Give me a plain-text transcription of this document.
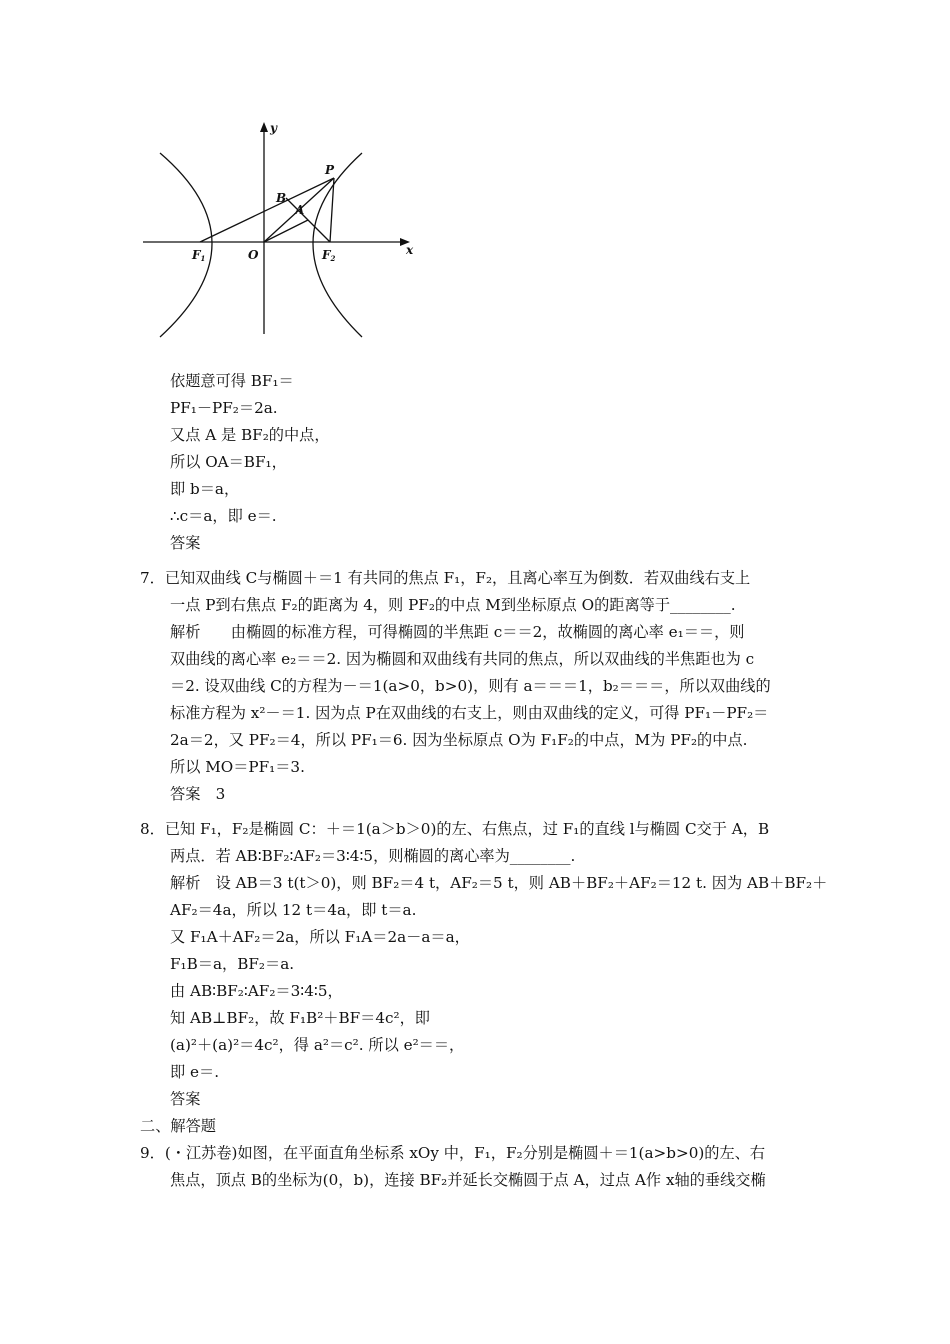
y
x
P
B
A
F1	O	F2
依题意可得 BF₁＝
PF₁－PF₂＝2a.
又点 A 是 BF₂的中点，
所以 OA＝BF₁，
即 b＝a，
∴c＝a，即 e＝.
答案
7．已知双曲线 C与椭圆＋＝1 有共同的焦点 F₁，F₂，且离心率互为倒数．若双曲线右支上
一点 P到右焦点 F₂的距离为 4，则 PF₂的中点 M到坐标原点 O的距离等于________.
解析　　由椭圆的标准方程，可得椭圆的半焦距 c＝＝2，故椭圆的离心率 e₁＝＝，则
双曲线的离心率 e₂＝＝2. 因为椭圆和双曲线有共同的焦点，所以双曲线的半焦距也为 c
＝2. 设双曲线 C的方程为－＝1(a>0，b>0)，则有 a＝＝＝1，b₂＝＝＝，所以双曲线的
标准方程为 x²－＝1. 因为点 P在双曲线的右支上，则由双曲线的定义，可得 PF₁－PF₂＝
2a＝2，又 PF₂＝4，所以 PF₁＝6. 因为坐标原点 O为 F₁F₂的中点，M为 PF₂的中点.
所以 MO＝PF₁＝3.
答案　3
8．已知 F₁，F₂是椭圆 C：＋＝1(a＞b＞0)的左、右焦点，过 F₁的直线 l与椭圆 C交于 A，B
两点．若 AB∶BF₂∶AF₂＝3∶4∶5，则椭圆的离心率为________.
解析　设 AB＝3 t(t＞0)，则 BF₂＝4 t，AF₂＝5 t，则 AB＋BF₂＋AF₂＝12 t. 因为 AB＋BF₂＋
AF₂＝4a，所以 12 t＝4a，即 t＝a.
又 F₁A＋AF₂＝2a，所以 F₁A＝2a－a＝a，
F₁B＝a，BF₂＝a.
由 AB∶BF₂∶AF₂＝3∶4∶5，
知 AB⊥BF₂，故 F₁B²＋BF＝4c²，即
(a)²＋(a)²＝4c²，得 a²＝c². 所以 e²＝＝，
即 e＝.
答案
二、解答题
9．(・江苏卷)如图，在平面直角坐标系 xOy 中，F₁，F₂分别是椭圆＋＝1(a>b>0)的左、右
焦点，顶点 B的坐标为(0，b)，连接 BF₂并延长交椭圆于点 A，过点 A作 x轴的垂线交椭
